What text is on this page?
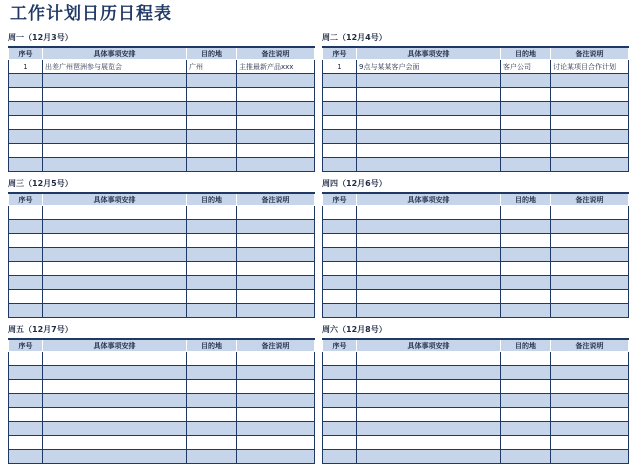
工作计划日历日程表
周一（12月3号）
序号	具体事项安排	目的地	备注说明
1	出差广州琶洲参与展览会	广州	主推最新产品xxx

周二（12月4号）
序号	具体事项安排	目的地	备注说明
1	9点与某某客户会面	客户公司	讨论某项目合作计划

周三（12月5号）
序号	具体事项安排	目的地	备注说明

周四（12月6号）
序号	具体事项安排	目的地	备注说明

周五（12月7号）
序号	具体事项安排	目的地	备注说明

周六（12月8号）
序号	具体事项安排	目的地	备注说明
